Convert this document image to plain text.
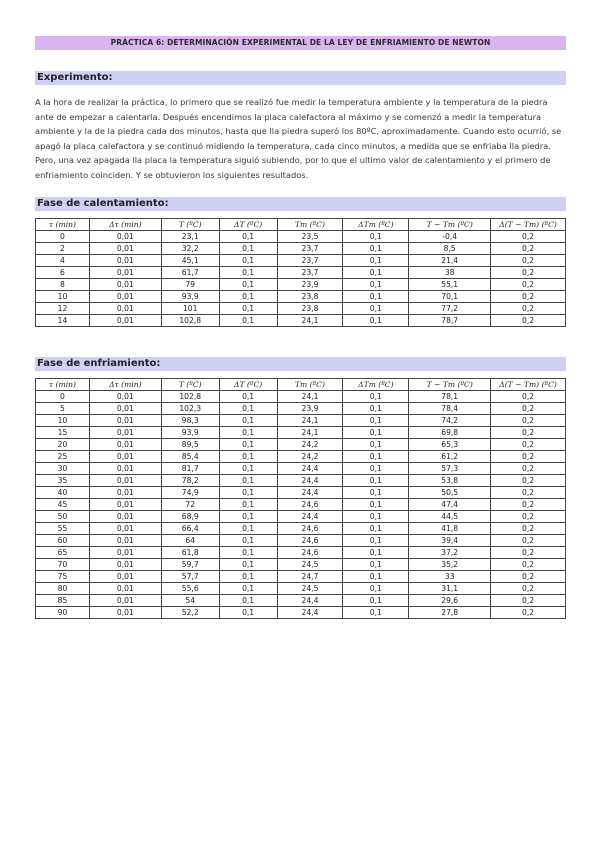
PRÁCTICA 6: DETERMINACIÓN EXPERIMENTAL DE LA LEY DE ENFRIAMIENTO DE NEWTON
Experimento:
A la hora de realizar la práctica, lo primero que se realizó fue medir la temperatura ambiente y la temperatura de la piedra ante de empezar a calentarla. Después encendimos la placa calefactora al máximo y se comenzó a medir la temperatura ambiente y la de la piedra cada dos minutos, hasta que lla piedra superó los 80ºC, aproximadamente. Cuando esto ocurrió, se apagó la placa calefactora y se continuó midiendo la temperatura, cada cinco minutos, a medida que se enfriaba lla piedra. Pero, una vez apagada lla placa la temperatura siguió subiendo, por lo que el ultimo valor de calentamiento y el primero de enfriamiento coinciden. Y se obtuvieron los siguientes resultados.
Fase de calentamiento:
τ (min)	Δτ (min)	T (ºC)	ΔT (ºC)	Tm (ºC)	ΔTm (ºC)	T − Tm (ºC)	Δ(T − Tm) (ºC)
0	0,01	23,1	0,1	23,5	0,1	-0,4	0,2
2	0,01	32,2	0,1	23,7	0,1	8,5	0,2
4	0,01	45,1	0,1	23,7	0,1	21,4	0,2
6	0,01	61,7	0,1	23,7	0,1	38	0,2
8	0,01	79	0,1	23,9	0,1	55,1	0,2
10	0,01	93,9	0,1	23,8	0,1	70,1	0,2
12	0,01	101	0,1	23,8	0,1	77,2	0,2
14	0,01	102,8	0,1	24,1	0,1	78,7	0,2
Fase de enfriamiento:
τ (min)	Δτ (min)	T (ºC)	ΔT (ºC)	Tm (ºC)	ΔTm (ºC)	T − Tm (ºC)	Δ(T − Tm) (ºC)
0	0,01	102,8	0,1	24,1	0,1	78,1	0,2
5	0,01	102,3	0,1	23,9	0,1	78,4	0,2
10	0,01	98,3	0,1	24,1	0,1	74,2	0,2
15	0,01	93,9	0,1	24,1	0,1	69,8	0,2
20	0,01	89,5	0,1	24,2	0,1	65,3	0,2
25	0,01	85,4	0,1	24,2	0,1	61,2	0,2
30	0,01	81,7	0,1	24,4	0,1	57,3	0,2
35	0,01	78,2	0,1	24,4	0,1	53,8	0,2
40	0,01	74,9	0,1	24,4	0,1	50,5	0,2
45	0,01	72	0,1	24,6	0,1	47,4	0,2
50	0,01	68,9	0,1	24,4	0,1	44,5	0,2
55	0,01	66,4	0,1	24,6	0,1	41,8	0,2
60	0,01	64	0,1	24,6	0,1	39,4	0,2
65	0,01	61,8	0,1	24,6	0,1	37,2	0,2
70	0,01	59,7	0,1	24,5	0,1	35,2	0,2
75	0,01	57,7	0,1	24,7	0,1	33	0,2
80	0,01	55,6	0,1	24,5	0,1	31,1	0,2
85	0,01	54	0,1	24,4	0,1	29,6	0,2
90	0,01	52,2	0,1	24,4	0,1	27,8	0,2
